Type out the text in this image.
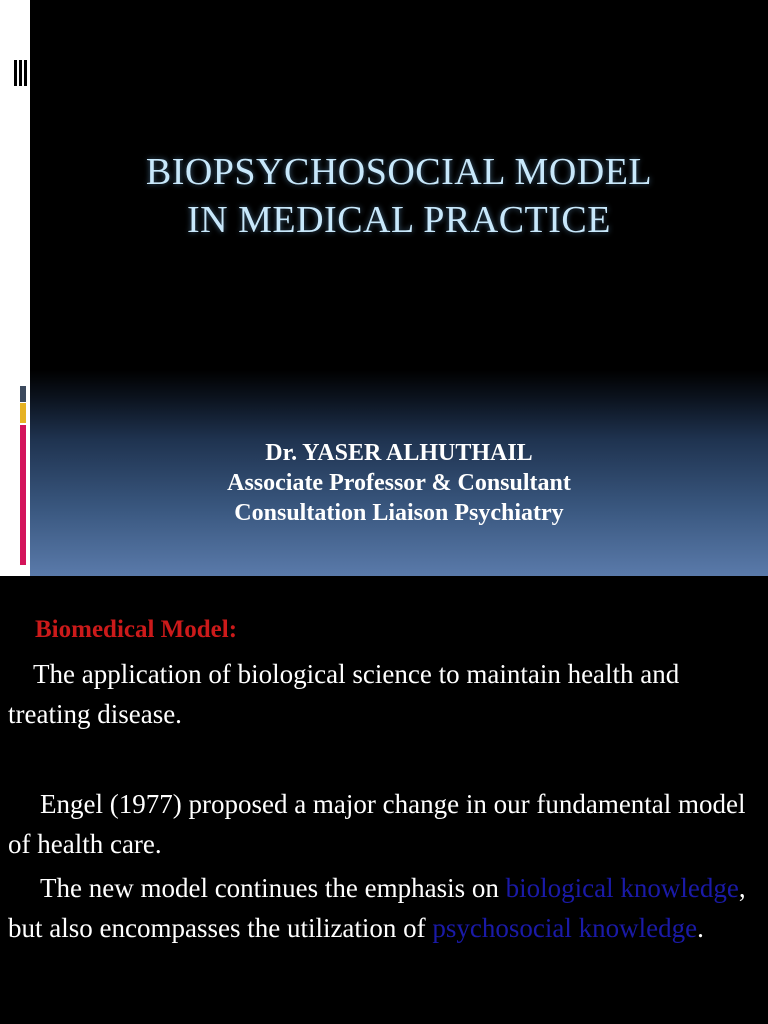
BIOPSYCHOSOCIAL MODEL
IN MEDICAL PRACTICE
Dr. YASER ALHUTHAIL
Associate Professor & Consultant
Consultation Liaison Psychiatry
Biomedical Model:

The application of biological science to maintain health and treating disease.

Engel (1977) proposed a major change in our fundamental model of health care.

The new model continues the emphasis on biological knowledge, but also encompasses the utilization of psychosocial knowledge.
